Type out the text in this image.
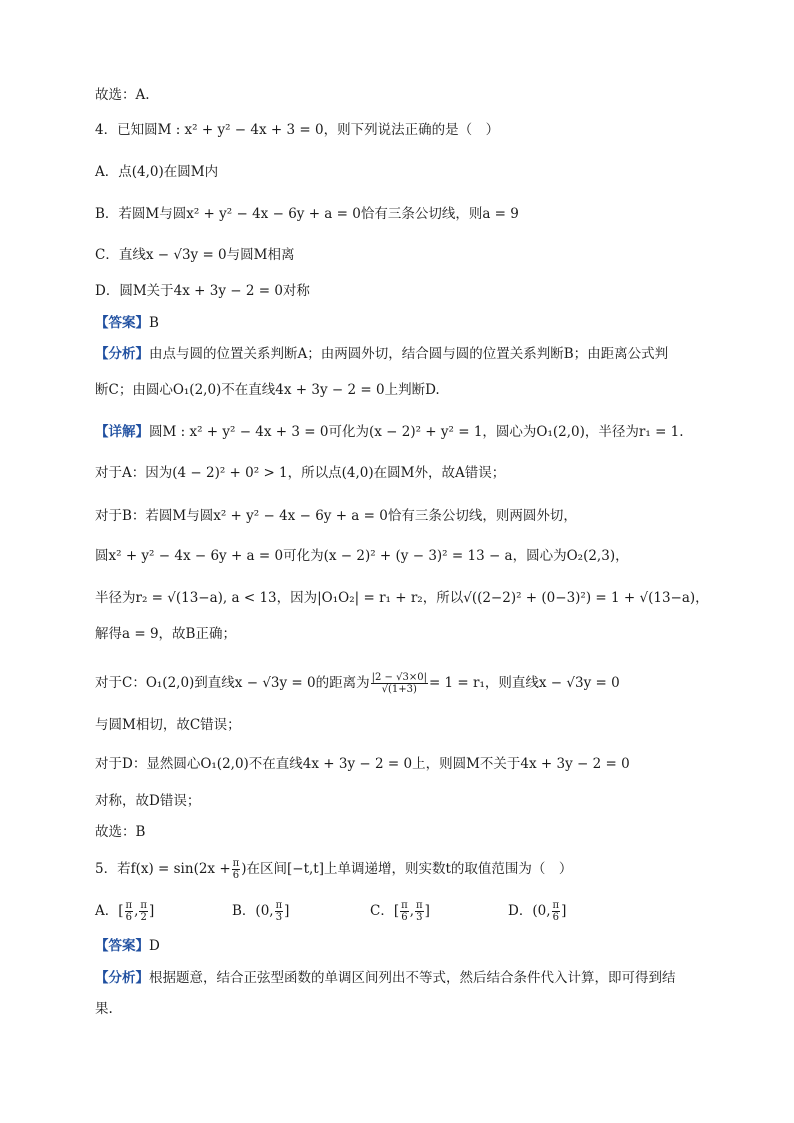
故选：A.
4．已知圆M : x² + y² − 4x + 3 = 0，则下列说法正确的是（　）
A．点(4,0)在圆M内
B．若圆M与圆x² + y² − 4x − 6y + a = 0恰有三条公切线，则a = 9
C．直线x − √3y = 0与圆M相离
D．圆M关于4x + 3y − 2 = 0对称
【答案】B
【分析】由点与圆的位置关系判断A；由两圆外切，结合圆与圆的位置关系判断B；由距离公式判
断C；由圆心O₁(2,0)不在直线4x + 3y − 2 = 0上判断D.
【详解】圆M : x² + y² − 4x + 3 = 0可化为(x − 2)² + y² = 1，圆心为O₁(2,0)，半径为r₁ = 1.
对于A：因为(4 − 2)² + 0² > 1，所以点(4,0)在圆M外，故A错误；
对于B：若圆M与圆x² + y² − 4x − 6y + a = 0恰有三条公切线，则两圆外切，
圆x² + y² − 4x − 6y + a = 0可化为(x − 2)² + (y − 3)² = 13 − a，圆心为O₂(2,3)，
半径为r₂ = √(13−a), a < 13，因为|O₁O₂| = r₁ + r₂，所以√((2−2)² + (0−3)²) = 1 + √(13−a)，
解得a = 9，故B正确；
对于C：O₁(2,0)到直线x − √3y = 0的距离为 $\frac{|2 - √3\times 0|}{√(1+3)} = 1 = r_1$，则直线x − √3y = 0
与圆M相切，故C错误；
对于D：显然圆心O₁(2,0)不在直线4x + 3y − 2 = 0上，则圆M不关于4x + 3y − 2 = 0
对称，故D错误；
故选：B
5．若$f(x) = \sin(2x + \frac{\pi}{6}$ )在区间[−t,t]上单调递增，则实数t的取值范围为（　）
A．[ $\frac{\pi}{6}$ , $\frac{\pi}{2}$ ]	B．(0, $\frac{\pi}{3}$ ]	C．[ $\frac{\pi}{6}$ , $\frac{\pi}{3}$ ]	D．(0, $\frac{\pi}{6}$ ]
【答案】D
【分析】根据题意，结合正弦型函数的单调区间列出不等式，然后结合条件代入计算，即可得到结
果.
